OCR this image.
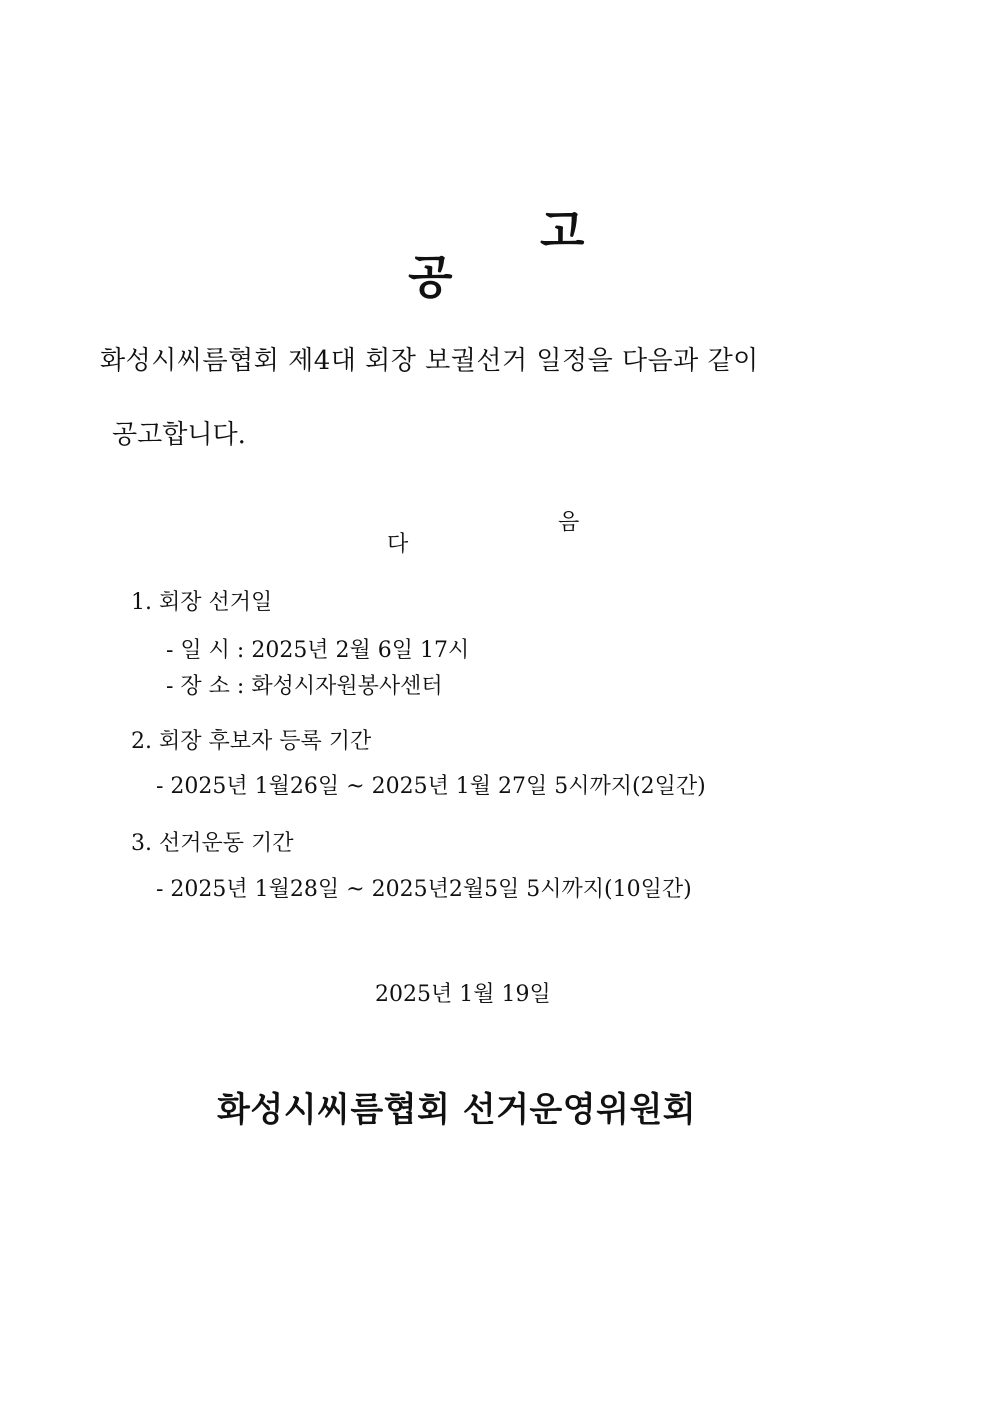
공
고

화성시씨름협회 제4대 회장 보궐선거 일정을 다음과 같이
공고합니다.

다
음

1. 회장 선거일
- 일 시 : 2025년 2월 6일 17시
- 장 소 : 화성시자원봉사센터
2. 회장 후보자 등록 기간
- 2025년 1월26일 ~ 2025년 1월 27일 5시까지(2일간)
3. 선거운동 기간
- 2025년 1월28일 ~ 2025년2월5일 5시까지(10일간)
2025년 1월 19일
화성시씨름협회 선거운영위원회
